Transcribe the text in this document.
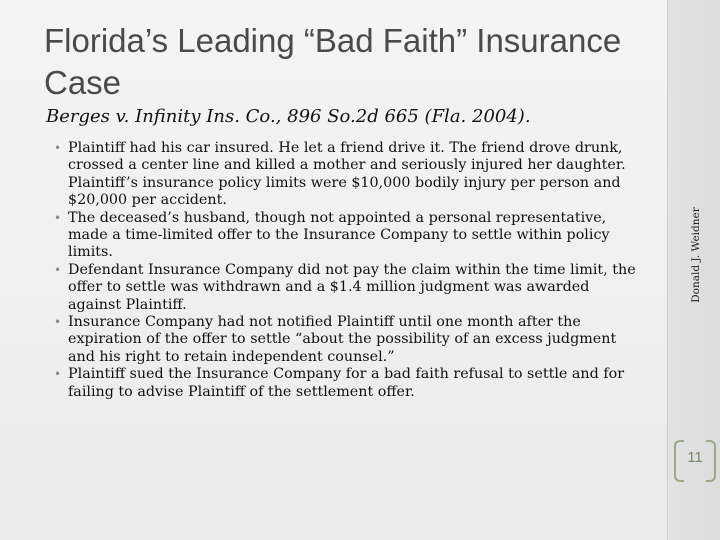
Florida’s Leading “Bad Faith” Insurance Case

Berges v. Infinity Ins. Co., 896 So.2d 665 (Fla. 2004).

• Plaintiff had his car insured. He let a friend drive it. The friend drove drunk, crossed a center line and killed a mother and seriously injured her daughter. Plaintiff’s insurance policy limits were $10,000 bodily injury per person and $20,000 per accident.
• The deceased’s husband, though not appointed a personal representative, made a time-limited offer to the Insurance Company to settle within policy limits.
• Defendant Insurance Company did not pay the claim within the time limit, the offer to settle was withdrawn and a $1.4 million judgment was awarded against Plaintiff.
• Insurance Company had not notified Plaintiff until one month after the expiration of the offer to settle “about the possibility of an excess judgment and his right to retain independent counsel.”
• Plaintiff sued the Insurance Company for a bad faith refusal to settle and for failing to advise Plaintiff of the settlement offer.
Donald J. Weidner
11
